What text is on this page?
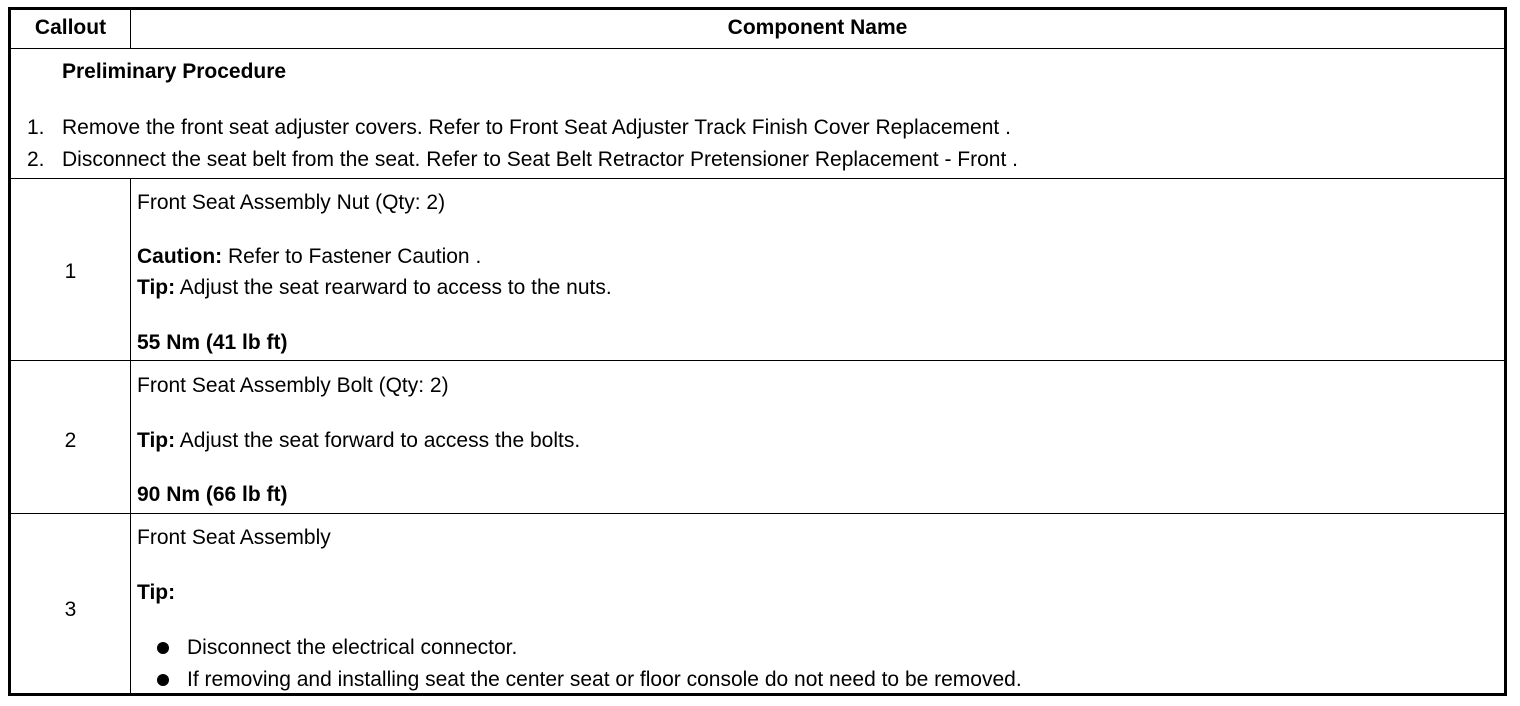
Callout	Component Name
Preliminary Procedure
1. Remove the front seat adjuster covers. Refer to Front Seat Adjuster Track Finish Cover Replacement .
2. Disconnect the seat belt from the seat. Refer to Seat Belt Retractor Pretensioner Replacement - Front .
1
Front Seat Assembly Nut (Qty: 2)
Caution: Refer to Fastener Caution .
Tip: Adjust the seat rearward to access to the nuts.
55 Nm (41 lb ft)
2
Front Seat Assembly Bolt (Qty: 2)
Tip: Adjust the seat forward to access the bolts.
90 Nm (66 lb ft)
3
Front Seat Assembly
Tip:
Disconnect the electrical connector.
If removing and installing seat the center seat or floor console do not need to be removed.
